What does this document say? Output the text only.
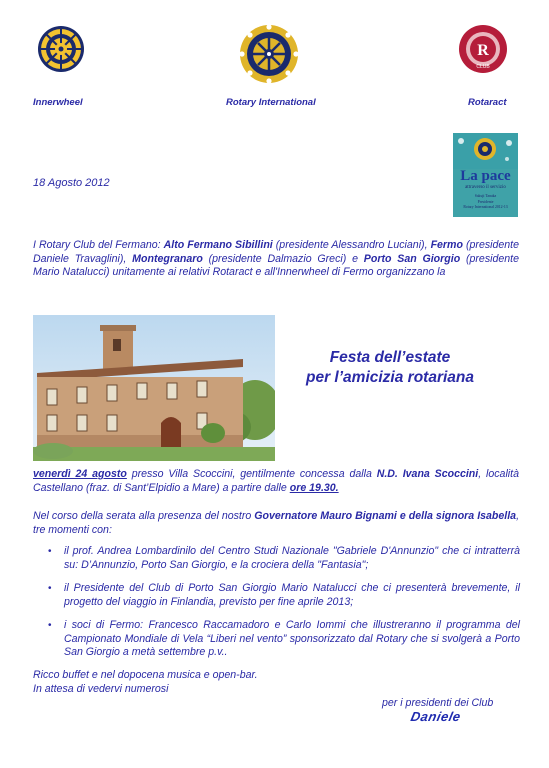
Innerwheel	Rotary International
R
CLUB
Rotaract
La pace
attraverso il servizio
Sakuji Tanaka
Presidente
Rotary International 2012-13
18 Agosto 2012
I Rotary Club del Fermano: Alto Fermano Sibillini (presidente Alessandro Luciani), Fermo (presidente Daniele Travaglini), Montegranaro (presidente Dalmazio Greci) e Porto San Giorgio (presidente Mario Natalucci) unitamente ai relativi Rotaract e all'Innerwheel di Fermo organizzano la
Festa dell’estate
per l’amicizia rotariana
venerdì 24 agosto presso Villa Scoccini, gentilmente concessa dalla N.D. Ivana Scoccini, località Castellano (fraz. di Sant’Elpidio a Mare) a partire dalle ore 19.30.
Nel corso della serata alla presenza del nostro Governatore Mauro Bignami e della signora Isabella, tre momenti con:
• il prof. Andrea Lombardinilo del Centro Studi Nazionale "Gabriele D'Annunzio" che ci intratterrà su: D’Annunzio, Porto San Giorgio, e la crociera della "Fantasia";
• il Presidente del Club di Porto San Giorgio Mario Natalucci che ci presenterà brevemente, il progetto del viaggio in Finlandia, previsto per fine aprile 2013;
• i soci di Fermo: Francesco Raccamadoro e Carlo Iommi che illustreranno il programma del Campionato Mondiale di Vela “Liberi nel vento” sponsorizzato dal Rotary che si svolgerà a Porto San Giorgio a metà settembre p.v..
Ricco buffet e nel dopocena musica e open-bar.
In attesa di vedervi numerosi
per i presidenti dei Club
Daniele
